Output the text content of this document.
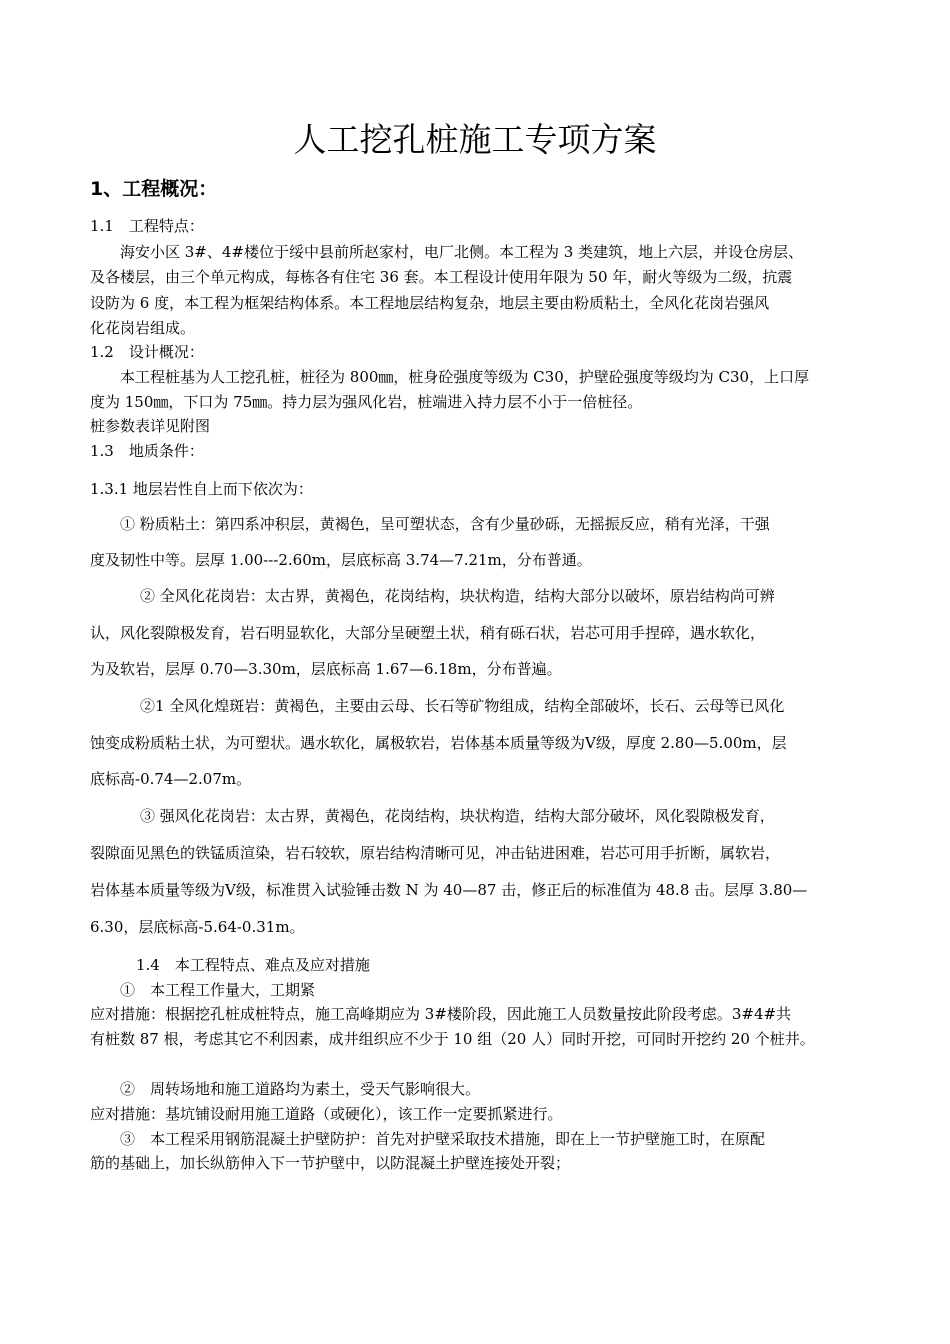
人工挖孔桩施工专项方案
1、工程概况：
1.1　工程特点：
海安小区 3#、4#楼位于绥中县前所赵家村，电厂北侧。本工程为 3 类建筑，地上六层，并设仓房层、
及各楼层，由三个单元构成，每栋各有住宅 36 套。本工程设计使用年限为 50 年，耐火等级为二级，抗震
设防为 6 度，本工程为框架结构体系。本工程地层结构复杂，地层主要由粉质粘土，全风化花岗岩强风
化花岗岩组成。
1.2　设计概况：
本工程桩基为人工挖孔桩，桩径为 800㎜，桩身砼强度等级为 C30，护壁砼强度等级均为 C30，上口厚
度为 150㎜，下口为 75㎜。持力层为强风化岩，桩端进入持力层不小于一倍桩径。
桩参数表详见附图
1.3　地质条件：
1.3.1 地层岩性自上而下依次为：
① 粉质粘土：第四系冲积层，黄褐色，呈可塑状态，含有少量砂砾，无摇振反应，稍有光泽，干强
度及韧性中等。层厚 1.00---2.60m，层底标高 3.74—7.21m，分布普通。
② 全风化花岗岩：太古界，黄褐色，花岗结构，块状构造，结构大部分以破坏，原岩结构尚可辨
认，风化裂隙极发育，岩石明显软化，大部分呈硬塑土状，稍有砾石状，岩芯可用手捏碎，遇水软化，
为及软岩，层厚 0.70—3.30m，层底标高 1.67—6.18m，分布普遍。
②1 全风化煌斑岩：黄褐色，主要由云母、长石等矿物组成，结构全部破坏，长石、云母等已风化
蚀变成粉质粘土状，为可塑状。遇水软化，属极软岩，岩体基本质量等级为Ⅴ级，厚度 2.80—5.00m，层
底标高-0.74—2.07m。
③ 强风化花岗岩：太古界，黄褐色，花岗结构，块状构造，结构大部分破坏，风化裂隙极发育，
裂隙面见黑色的铁锰质渲染，岩石较软，原岩结构清晰可见，冲击钻进困难，岩芯可用手折断，属软岩，
岩体基本质量等级为Ⅴ级，标准贯入试验锤击数 N 为 40—87 击，修正后的标准值为 48.8 击。层厚 3.80—
6.30，层底标高-5.64-0.31m。
1.4　本工程特点、难点及应对措施
①　本工程工作量大，工期紧
应对措施：根据挖孔桩成桩特点，施工高峰期应为 3#楼阶段，因此施工人员数量按此阶段考虑。3#4#共
有桩数 87 根，考虑其它不利因素，成井组织应不少于 10 组（20 人）同时开挖，可同时开挖约 20 个桩井。
②　周转场地和施工道路均为素土，受天气影响很大。
应对措施：基坑铺设耐用施工道路（或硬化），该工作一定要抓紧进行。
③　本工程采用钢筋混凝土护壁防护：首先对护壁采取技术措施，即在上一节护壁施工时，在原配
筋的基础上，加长纵筋伸入下一节护壁中，以防混凝土护壁连接处开裂；
